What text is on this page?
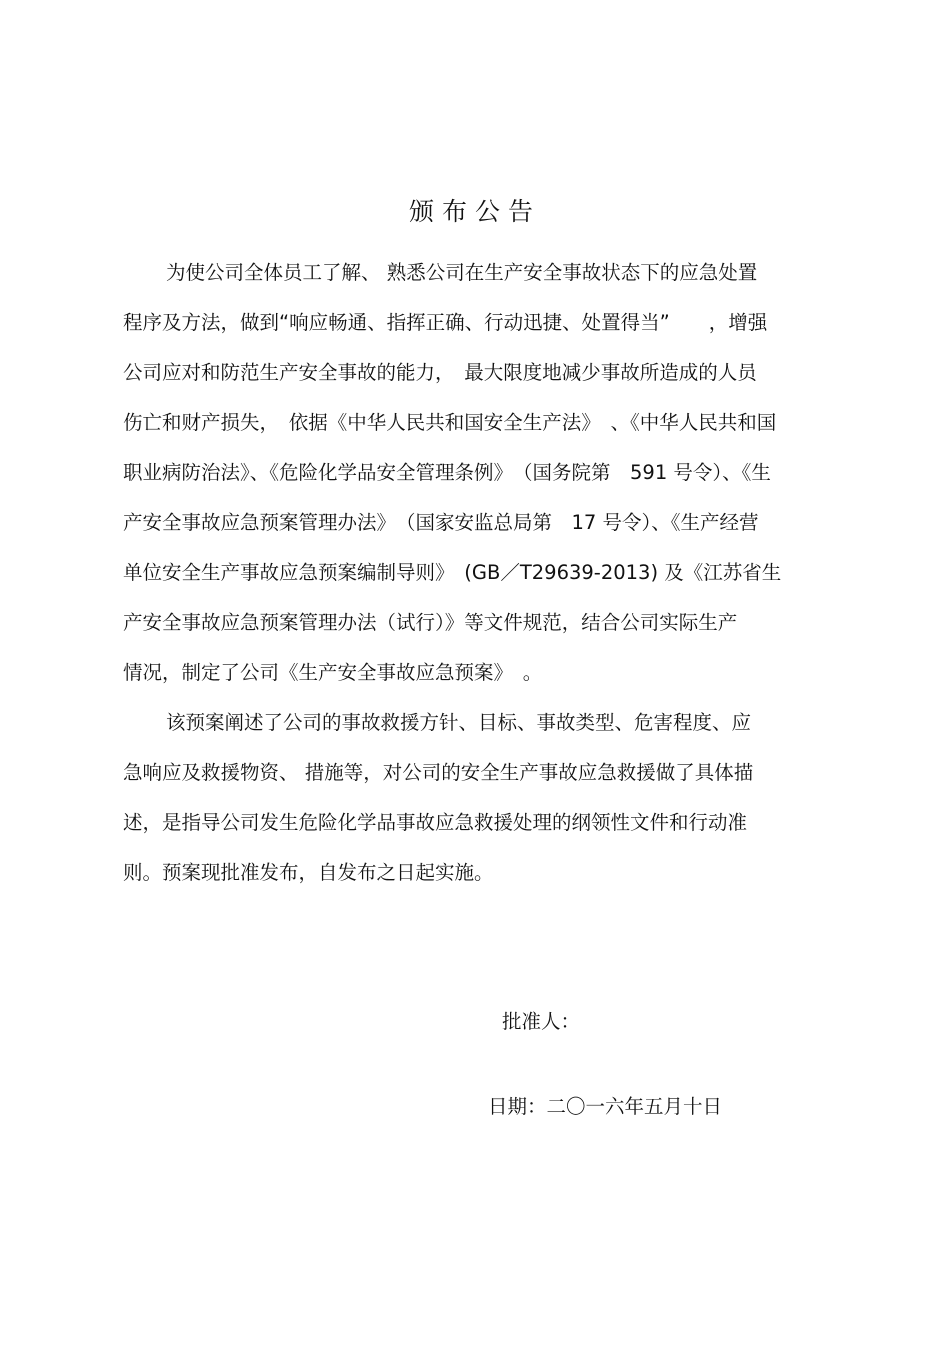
颁布公告
为使公司全体员工了解、 熟悉公司在生产安全事故状态下的应急处置
程序及方法，做到“响应畅通、指挥正确、行动迅捷、处置得当”　　，增强
公司应对和防范生产安全事故的能力，　最大限度地减少事故所造成的人员
伤亡和财产损失，　依据《中华人民共和国安全生产法》　、《中华人民共和国
职业病防治法》、《危险化学品安全管理条例》　（国务院第　591 号令）、《生
产安全事故应急预案管理办法》　（国家安监总局第　17 号令）、《生产经营
单位安全生产事故应急预案编制导则》　(GB／T29639-2013) 及《江苏省生
产安全事故应急预案管理办法（试行）》等文件规范，结合公司实际生产
情况，制定了公司《生产安全事故应急预案》　。
该预案阐述了公司的事故救援方针、目标、事故类型、危害程度、应
急响应及救援物资、 措施等，对公司的安全生产事故应急救援做了具体描
述，是指导公司发生危险化学品事故应急救援处理的纲领性文件和行动准
则。预案现批准发布，自发布之日起实施。
批准人：
日期：二〇一六年五月十日
